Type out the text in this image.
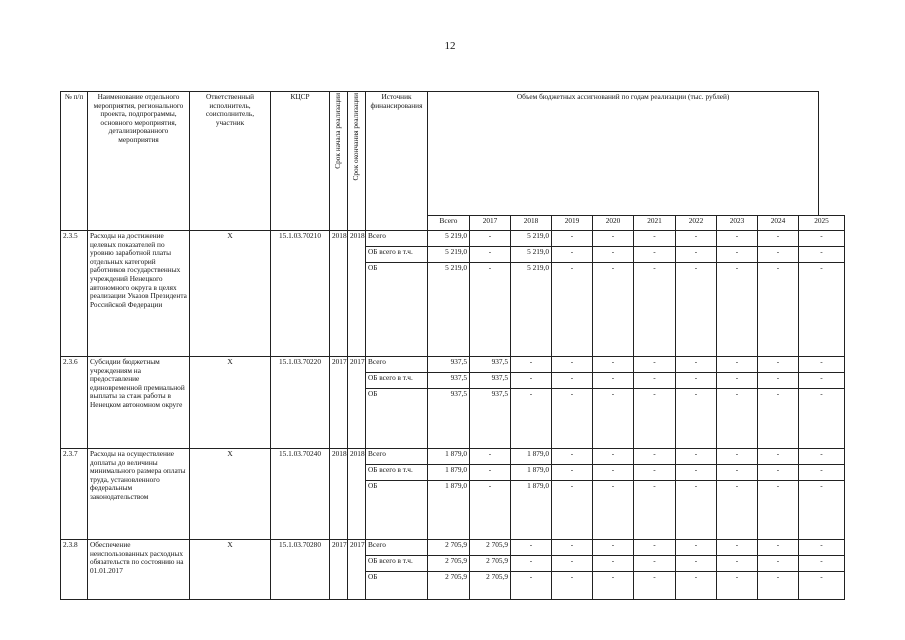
12
№ п/п	Наименование отдельного мероприятия, регионального проекта, подпрограммы, основного мероприятия, детализированного мероприятия	Ответственный исполнитель, соисполнитель, участник	КЦСР	Срок начала реализации	Срок окончания реализации	Источник финансирования	Объем бюджетных ассигнований по годам реализации (тыс. рублей)									
							Всего	2017	2018	2019	2020	2021	2022	2023	2024	2025
2.3.5	Расходы на достижение целевых показателей по уровню заработной платы отдельных категорий работников государственных учреждений Ненецкого автономного округа в целях реализации Указов Президента Российской Федерации	Х	15.1.03.70210	2018	2018	Всего	5 219,0	-	5 219,0	-	-	-	-	-	-	-
						ОБ всего в т.ч.	5 219,0	-	5 219,0	-	-	-	-	-	-	-
						ОБ	5 219,0	-	5 219,0	-	-	-	-	-	-	-
2.3.6	Субсидии бюджетным учреждениям на предоставление единовременной премиальной выплаты за стаж работы в Ненецком автономном округе	Х	15.1.03.70220	2017	2017	Всего	937,5	937,5	-	-	-	-	-	-	-	-
						ОБ всего в т.ч.	937,5	937,5	-	-	-	-	-	-	-	-
						ОБ	937,5	937,5	-	-	-	-	-	-	-	-
2.3.7	Расходы на осуществление доплаты до величины минимального размера оплаты труда, установленного федеральным законодательством	Х	15.1.03.70240	2018	2018	Всего	1 879,0	-	1 879,0	-	-	-	-	-	-	-
						ОБ всего в т.ч.	1 879,0	-	1 879,0	-	-	-	-	-	-	-
						ОБ	1 879,0	-	1 879,0	-	-	-	-	-	-	-
2.3.8	Обеспечение неиспользованных расходных обязательств по состоянию на 01.01.2017	Х	15.1.03.70280	2017	2017	Всего	2 705,9	2 705,9	-	-	-	-	-	-	-	-
						ОБ всего в т.ч.	2 705,9	2 705,9	-	-	-	-	-	-	-	-
						ОБ	2 705,9	2 705,9	-	-	-	-	-	-	-	-
